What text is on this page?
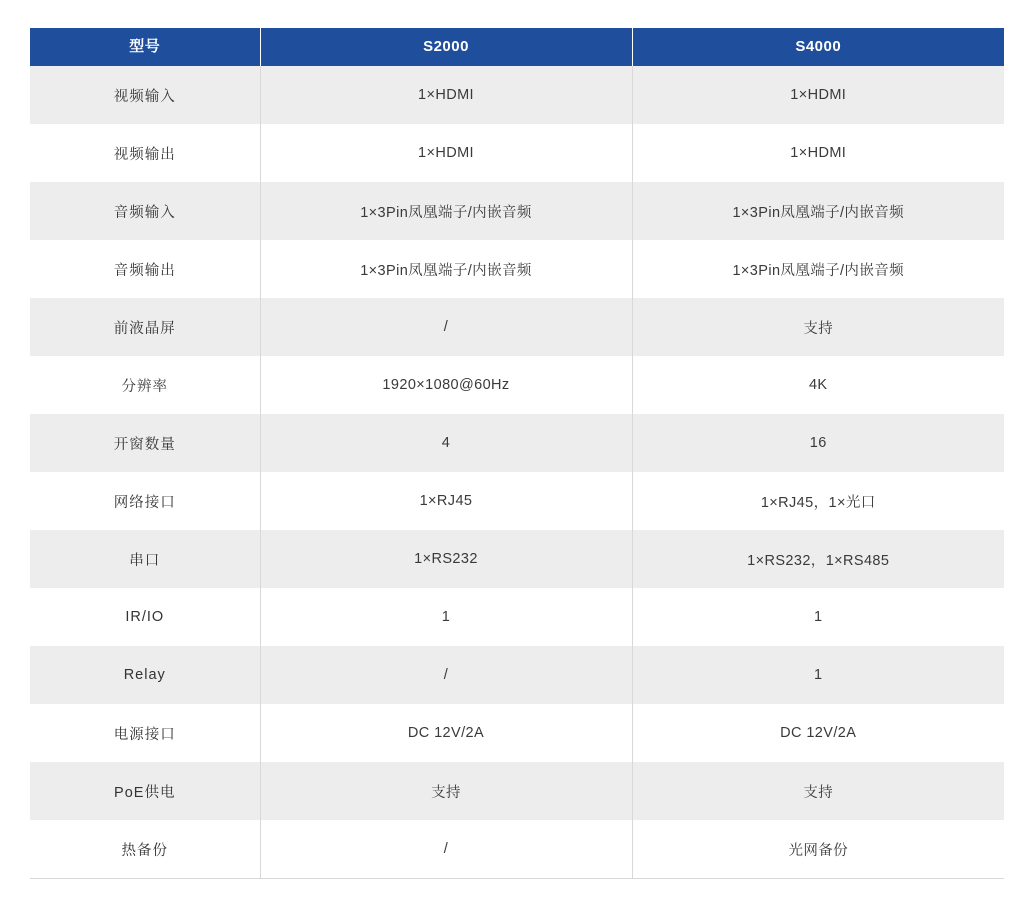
型号	S2000	S4000
视频输入	1×HDMI	1×HDMI
视频输出	1×HDMI	1×HDMI
音频输入	1×3Pin凤凰端子/内嵌音频	1×3Pin凤凰端子/内嵌音频
音频输出	1×3Pin凤凰端子/内嵌音频	1×3Pin凤凰端子/内嵌音频
前液晶屏	/	支持
分辨率	1920×1080@60Hz	4K
开窗数量	4	16
网络接口	1×RJ45	1×RJ45，1×光口
串口	1×RS232	1×RS232，1×RS485
IR/IO	1	1
Relay	/	1
电源接口	DC 12V/2A	DC 12V/2A
PoE供电	支持	支持
热备份	/	光网备份
